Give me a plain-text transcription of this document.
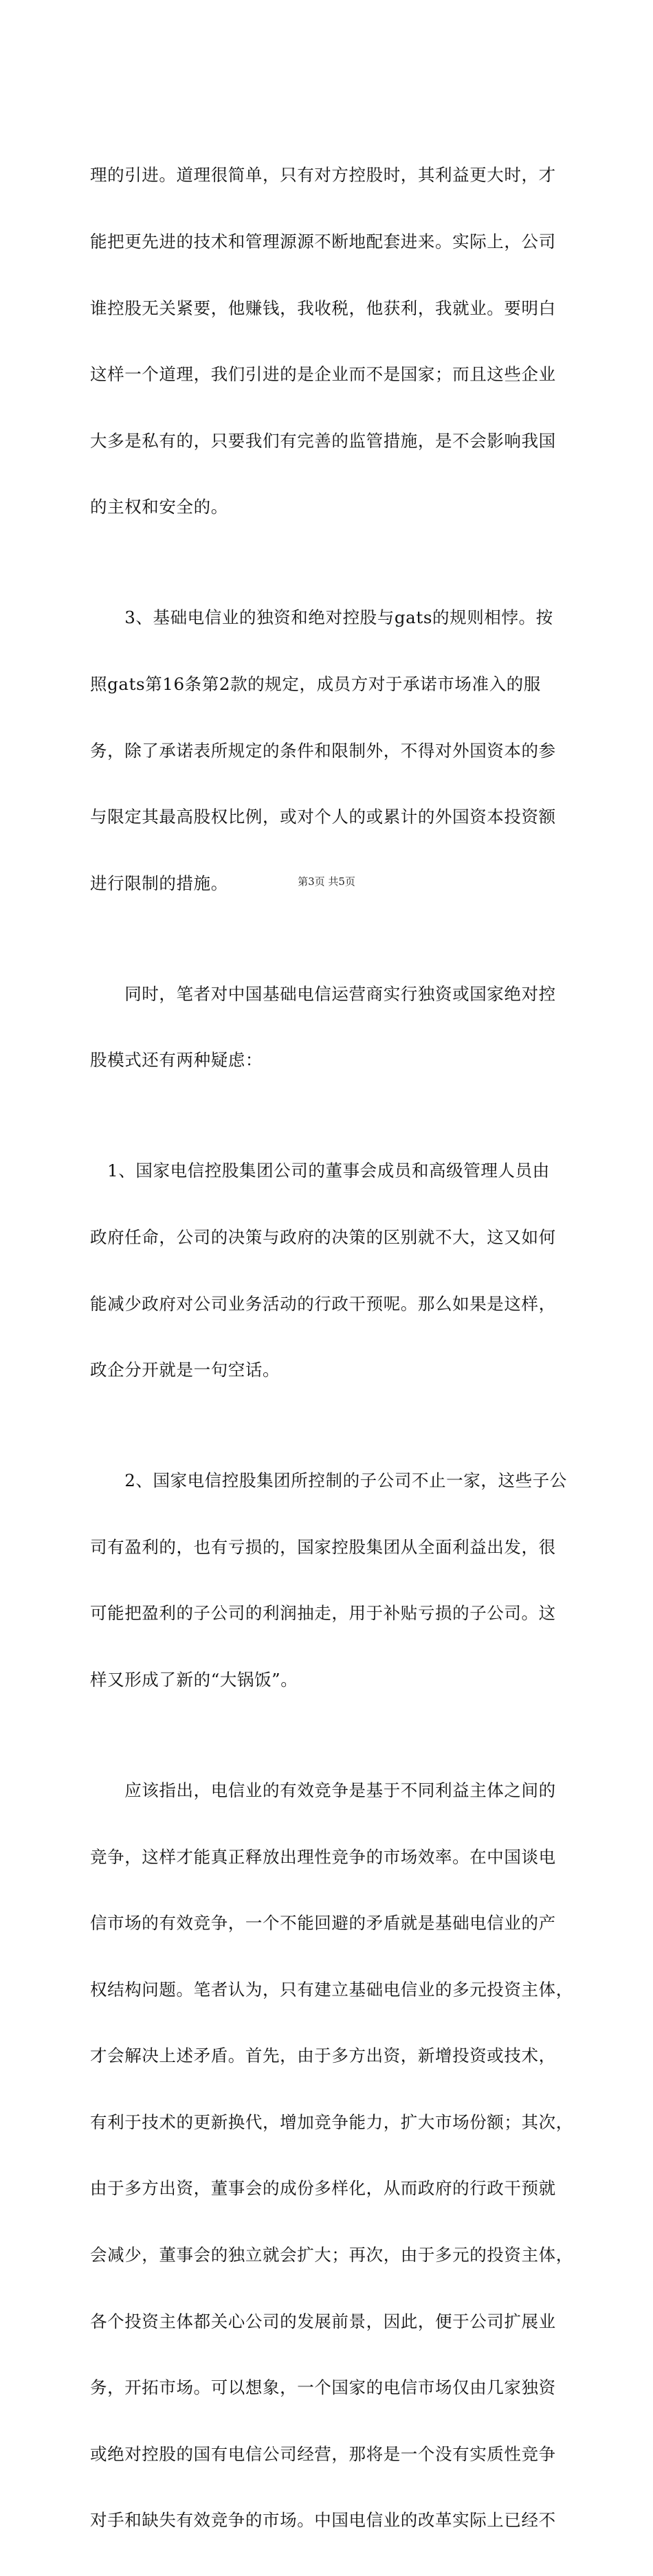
理的引进。道理很简单，只有对方控股时，其利益更大时，才

能把更先进的技术和管理源源不断地配套进来。实际上，公司

谁控股无关紧要，他赚钱，我收税，他获利，我就业。要明白

这样一个道理，我们引进的是企业而不是国家；而且这些企业

大多是私有的，只要我们有完善的监管措施，是不会影响我国

的主权和安全的。

　　3、基础电信业的独资和绝对控股与gats的规则相悖。按

照gats第16条第2款的规定，成员方对于承诺市场准入的服

务，除了承诺表所规定的条件和限制外，不得对外国资本的参

与限定其最高股权比例，或对个人的或累计的外国资本投资额

进行限制的措施。

　　同时，笔者对中国基础电信运营商实行独资或国家绝对控

股模式还有两种疑虑：

　1、国家电信控股集团公司的董事会成员和高级管理人员由

政府任命，公司的决策与政府的决策的区别就不大，这又如何

能减少政府对公司业务活动的行政干预呢。那么如果是这样，

政企分开就是一句空话。

　　2、国家电信控股集团所控制的子公司不止一家，这些子公

司有盈利的，也有亏损的，国家控股集团从全面利益出发，很

可能把盈利的子公司的利润抽走，用于补贴亏损的子公司。这

样又形成了新的“大锅饭”。

　　应该指出，电信业的有效竞争是基于不同利益主体之间的

竞争，这样才能真正释放出理性竞争的市场效率。在中国谈电

信市场的有效竞争，一个不能回避的矛盾就是基础电信业的产

权结构问题。笔者认为，只有建立基础电信业的多元投资主体，

才会解决上述矛盾。首先，由于多方出资，新增投资或技术，

有利于技术的更新换代，增加竞争能力，扩大市场份额；其次，

由于多方出资，董事会的成份多样化，从而政府的行政干预就

会减少，董事会的独立就会扩大；再次，由于多元的投资主体，

各个投资主体都关心公司的发展前景，因此，便于公司扩展业

务，开拓市场。可以想象，一个国家的电信市场仅由几家独资

或绝对控股的国有电信公司经营，那将是一个没有实质性竞争

对手和缺失有效竞争的市场。中国电信业的改革实际上已经不

第3页 共5页
